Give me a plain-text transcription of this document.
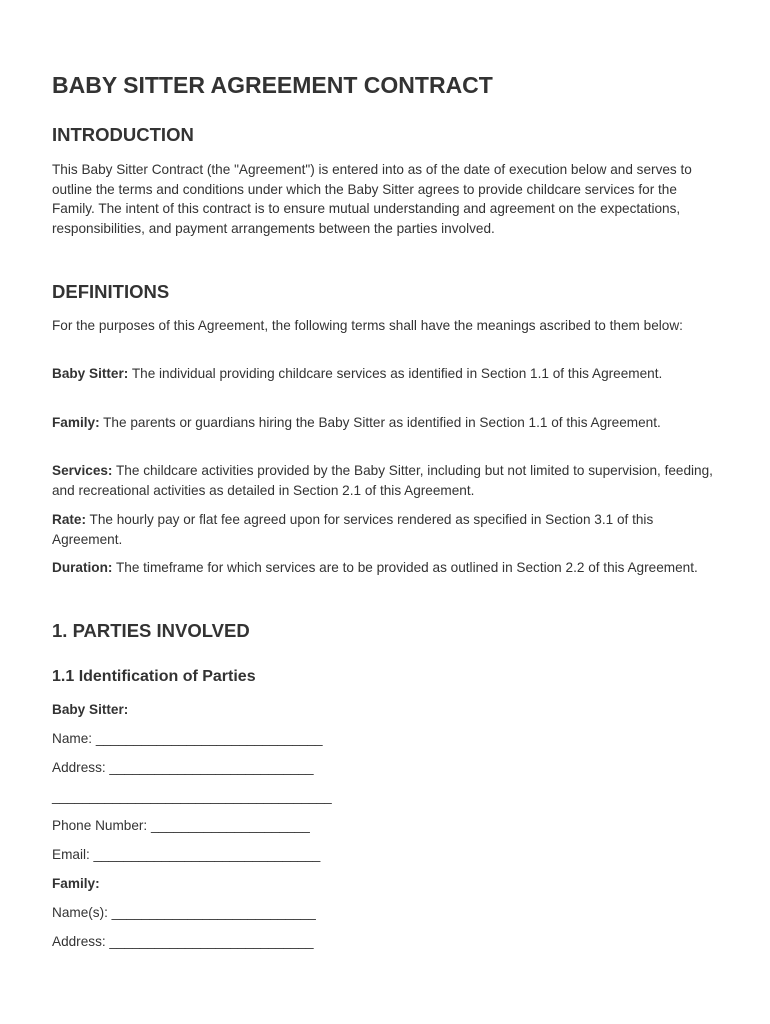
BABY SITTER AGREEMENT CONTRACT
INTRODUCTION

This Baby Sitter Contract (the "Agreement") is entered into as of the date of execution below and serves to outline the terms and conditions under which the Baby Sitter agrees to provide childcare services for the Family. The intent of this contract is to ensure mutual understanding and agreement on the expectations, responsibilities, and payment arrangements between the parties involved.

DEFINITIONS

For the purposes of this Agreement, the following terms shall have the meanings ascribed to them below:

Baby Sitter: The individual providing childcare services as identified in Section 1.1 of this Agreement.

Family: The parents or guardians hiring the Baby Sitter as identified in Section 1.1 of this Agreement.

Services: The childcare activities provided by the Baby Sitter, including but not limited to supervision, feeding, and recreational activities as detailed in Section 2.1 of this Agreement.

Rate: The hourly pay or flat fee agreed upon for services rendered as specified in Section 3.1 of this Agreement.

Duration: The timeframe for which services are to be provided as outlined in Section 2.2 of this Agreement.

1. PARTIES INVOLVED
1.1 Identification of Parties

Baby Sitter:

Name: ______________________________

Address: ___________________________

_____________________________________

Phone Number: _____________________

Email: ______________________________

Family:

Name(s): ___________________________

Address: ___________________________
